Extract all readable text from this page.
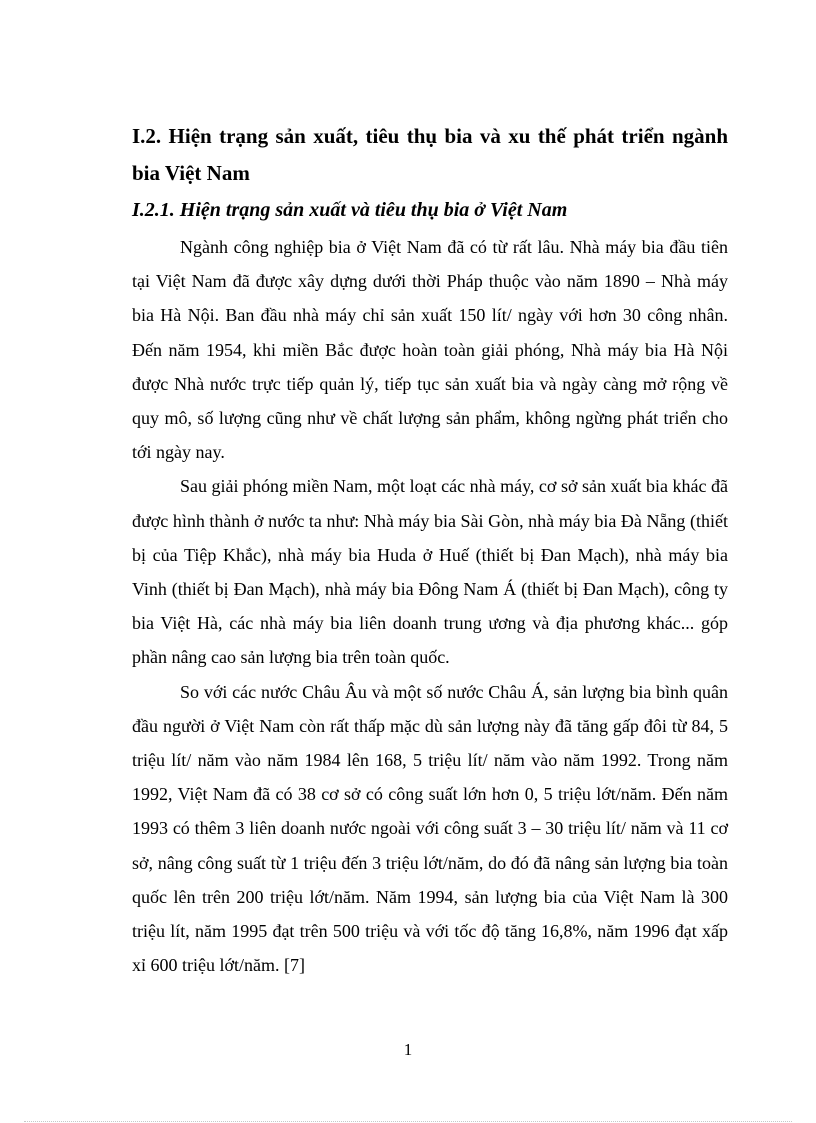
I.2. Hiện trạng sản xuất, tiêu thụ bia và xu thế phát triển ngành bia Việt Nam
I.2.1. Hiện trạng sản xuất và tiêu thụ bia ở Việt Nam

Ngành công nghiệp bia ở Việt Nam đã có từ rất lâu. Nhà máy bia đầu tiên tại Việt Nam đã được xây dựng dưới thời Pháp thuộc vào năm 1890 – Nhà máy bia Hà Nội. Ban đầu nhà máy chỉ sản xuất 150 lít/ ngày với hơn 30 công nhân. Đến năm 1954, khi miền Bắc được hoàn toàn giải phóng, Nhà máy bia Hà Nội được Nhà nước trực tiếp quản lý, tiếp tục sản xuất bia và ngày càng mở rộng về quy mô, số lượng cũng như về chất lượng sản phẩm, không ngừng phát triển cho tới ngày nay.

Sau giải phóng miền Nam, một loạt các nhà máy, cơ sở sản xuất bia khác đã được hình thành ở nước ta như: Nhà máy bia Sài Gòn, nhà máy bia Đà Nẵng (thiết bị của Tiệp Khắc), nhà máy bia Huda ở Huế (thiết bị Đan Mạch), nhà máy bia Vinh (thiết bị Đan Mạch), nhà máy bia Đông Nam Á (thiết bị Đan Mạch), công ty bia Việt Hà, các nhà máy bia liên doanh trung ương và địa phương khác... góp phần nâng cao sản lượng bia trên toàn quốc.

So với các nước Châu Âu và một số nước Châu Á, sản lượng bia bình quân đầu người ở Việt Nam còn rất thấp mặc dù sản lượng này đã tăng gấp đôi từ 84, 5 triệu lít/ năm vào năm 1984 lên 168, 5 triệu lít/ năm vào năm 1992. Trong năm 1992, Việt Nam đã có 38 cơ sở có công suất lớn hơn 0, 5 triệu lớt/năm. Đến năm 1993 có thêm 3 liên doanh nước ngoài với công suất 3 – 30 triệu lít/ năm và 11 cơ sở, nâng công suất từ 1 triệu đến 3 triệu lớt/năm, do đó đã nâng sản lượng bia toàn quốc lên trên 200 triệu lớt/năm. Năm 1994, sản lượng bia của Việt Nam là 300 triệu lít, năm 1995 đạt trên 500 triệu và với tốc độ tăng 16,8%, năm 1996 đạt xấp xỉ 600 triệu lớt/năm. [7]

1
